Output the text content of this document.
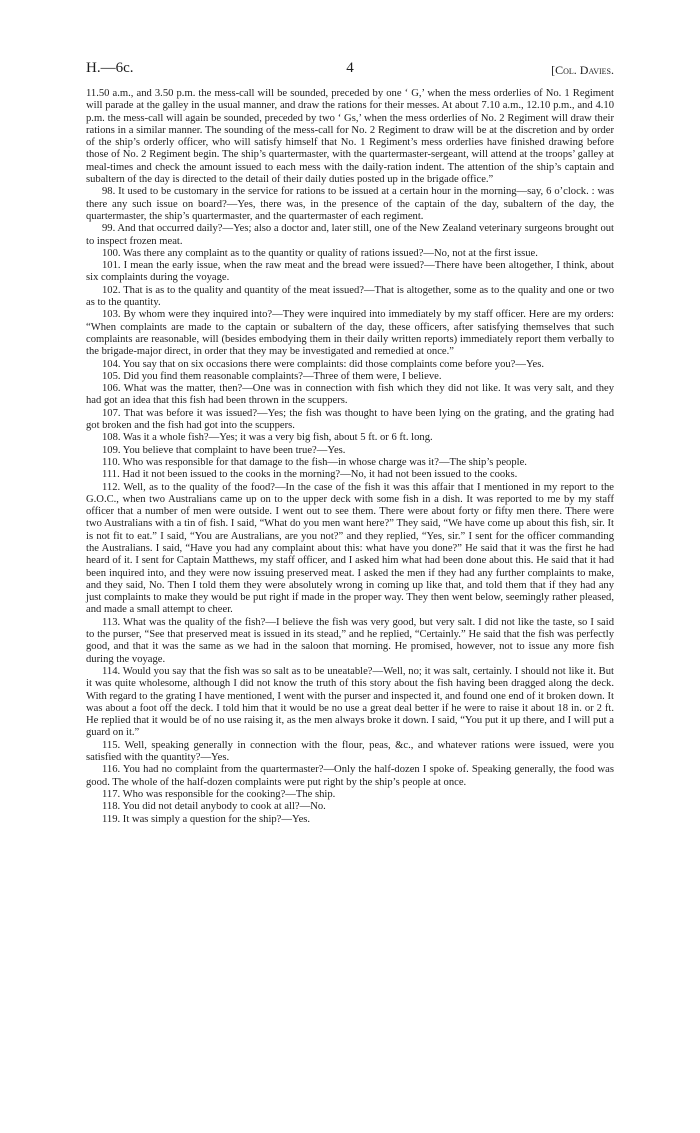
H.—6c.	4	[Col. Davies.

11.50 a.m., and 3.50 p.m. the mess-call will be sounded, preceded by one ‘ G,’ when the mess orderlies of No. 1 Regiment will parade at the galley in the usual manner, and draw the rations for their messes. At about 7.10 a.m., 12.10 p.m., and 4.10 p.m. the mess-call will again be sounded, preceded by two ‘ Gs,’ when the mess orderlies of No. 2 Regiment will draw their rations in a similar manner. The sounding of the mess-call for No. 2 Regiment to draw will be at the discretion and by order of the ship’s orderly officer, who will satisfy himself that No. 1 Regiment’s mess orderlies have finished drawing before those of No. 2 Regiment begin. The ship’s quartermaster, with the quartermaster-sergeant, will attend at the troops’ galley at meal-times and check the amount issued to each mess with the daily-ration indent. The attention of the ship’s captain and subaltern of the day is directed to the detail of their daily duties posted up in the brigade office.”

98. It used to be customary in the service for rations to be issued at a certain hour in the morning—say, 6 o’clock. : was there any such issue on board?—Yes, there was, in the presence of the captain of the day, subaltern of the day, the quartermaster, the ship’s quartermaster, and the quartermaster of each regiment.

99. And that occurred daily?—Yes; also a doctor and, later still, one of the New Zealand veterinary surgeons brought out to inspect frozen meat.

100. Was there any complaint as to the quantity or quality of rations issued?—No, not at the first issue.

101. I mean the early issue, when the raw meat and the bread were issued?—There have been altogether, I think, about six complaints during the voyage.

102. That is as to the quality and quantity of the meat issued?—That is altogether, some as to the quality and one or two as to the quantity.

103. By whom were they inquired into?—They were inquired into immediately by my staff officer. Here are my orders: “When complaints are made to the captain or subaltern of the day, these officers, after satisfying themselves that such complaints are reasonable, will (besides embodying them in their daily written reports) immediately report them verbally to the brigade-major direct, in order that they may be investigated and remedied at once.”

104. You say that on six occasions there were complaints: did those complaints come before you?—Yes.

105. Did you find them reasonable complaints?—Three of them were, I believe.

106. What was the matter, then?—One was in connection with fish which they did not like. It was very salt, and they had got an idea that this fish had been thrown in the scuppers.

107. That was before it was issued?—Yes; the fish was thought to have been lying on the grating, and the grating had got broken and the fish had got into the scuppers.

108. Was it a whole fish?—Yes; it was a very big fish, about 5 ft. or 6 ft. long.

109. You believe that complaint to have been true?—Yes.

110. Who was responsible for that damage to the fish—in whose charge was it?—The ship’s people.

111. Had it not been issued to the cooks in the morning?—No, it had not been issued to the cooks.

112. Well, as to the quality of the food?—In the case of the fish it was this affair that I mentioned in my report to the G.O.C., when two Australians came up on to the upper deck with some fish in a dish. It was reported to me by my staff officer that a number of men were outside. I went out to see them. There were about forty or fifty men there. There were two Australians with a tin of fish. I said, “What do you men want here?” They said, “We have come up about this fish, sir. It is not fit to eat.” I said, “You are Australians, are you not?” and they replied, “Yes, sir.” I sent for the officer commanding the Australians. I said, “Have you had any complaint about this: what have you done?” He said that it was the first he had heard of it. I sent for Captain Matthews, my staff officer, and I asked him what had been done about this. He said that it had been inquired into, and they were now issuing preserved meat. I asked the men if they had any further complaints to make, and they said, No. Then I told them they were absolutely wrong in coming up like that, and told them that if they had any just complaints to make they would be put right if made in the proper way. They then went below, seemingly rather pleased, and made a small attempt to cheer.

113. What was the quality of the fish?—I believe the fish was very good, but very salt. I did not like the taste, so I said to the purser, “See that preserved meat is issued in its stead,” and he replied, “Certainly.” He said that the fish was perfectly good, and that it was the same as we had in the saloon that morning. He promised, however, not to issue any more fish during the voyage.

114. Would you say that the fish was so salt as to be uneatable?—Well, no; it was salt, certainly. I should not like it. But it was quite wholesome, although I did not know the truth of this story about the fish having been dragged along the deck. With regard to the grating I have mentioned, I went with the purser and inspected it, and found one end of it broken down. It was about a foot off the deck. I told him that it would be no use a great deal better if he were to raise it about 18 in. or 2 ft. He replied that it would be of no use raising it, as the men always broke it down. I said, “You put it up there, and I will put a guard on it.”

115. Well, speaking generally in connection with the flour, peas, &c., and whatever rations were issued, were you satisfied with the quantity?—Yes.

116. You had no complaint from the quartermaster?—Only the half-dozen I spoke of. Speaking generally, the food was good. The whole of the half-dozen complaints were put right by the ship’s people at once.

117. Who was responsible for the cooking?—The ship.

118. You did not detail anybody to cook at all?—No.

119. It was simply a question for the ship?—Yes.
